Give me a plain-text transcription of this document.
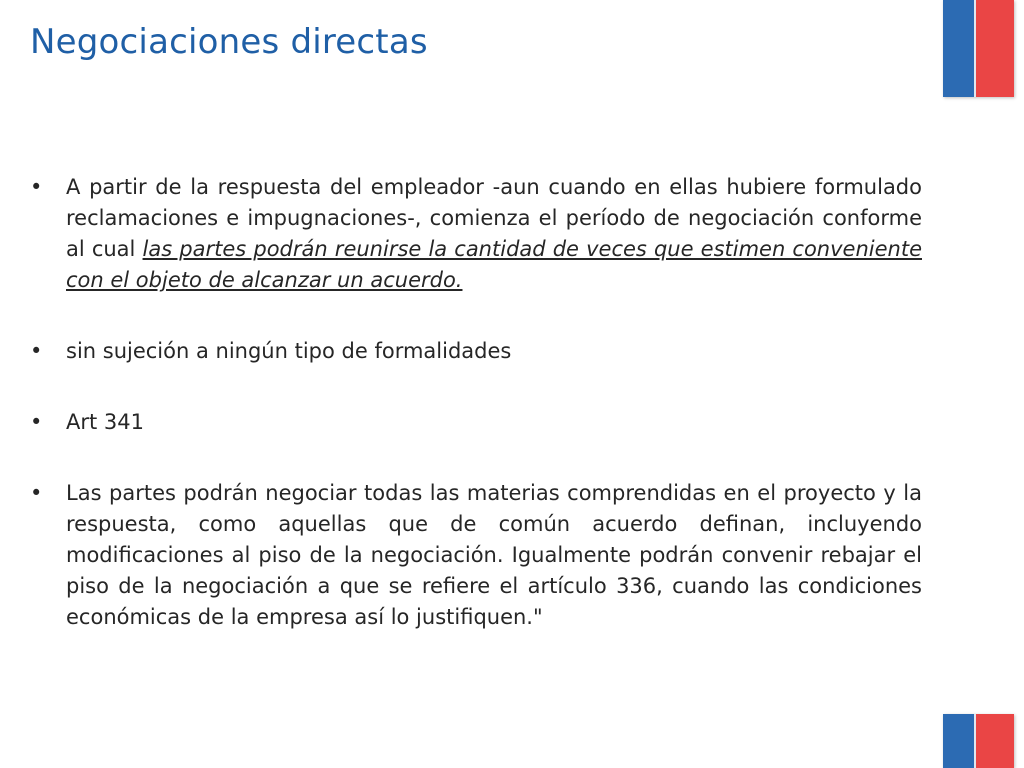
Negociaciones directas
•	A partir de la respuesta del empleador -aun cuando en ellas hubiere formulado reclamaciones e impugnaciones-, comienza el período de negociación conforme al cual las partes podrán reunirse la cantidad de veces que estimen conveniente con el objeto de alcanzar un acuerdo.
•	sin sujeción a ningún tipo de formalidades
•	Art 341
•	Las partes podrán negociar todas las materias comprendidas en el proyecto y la respuesta, como aquellas que de común acuerdo definan, incluyendo modificaciones al piso de la negociación. Igualmente podrán convenir rebajar el piso de la negociación a que se refiere el artículo 336, cuando las condiciones económicas de la empresa así lo justifiquen."
